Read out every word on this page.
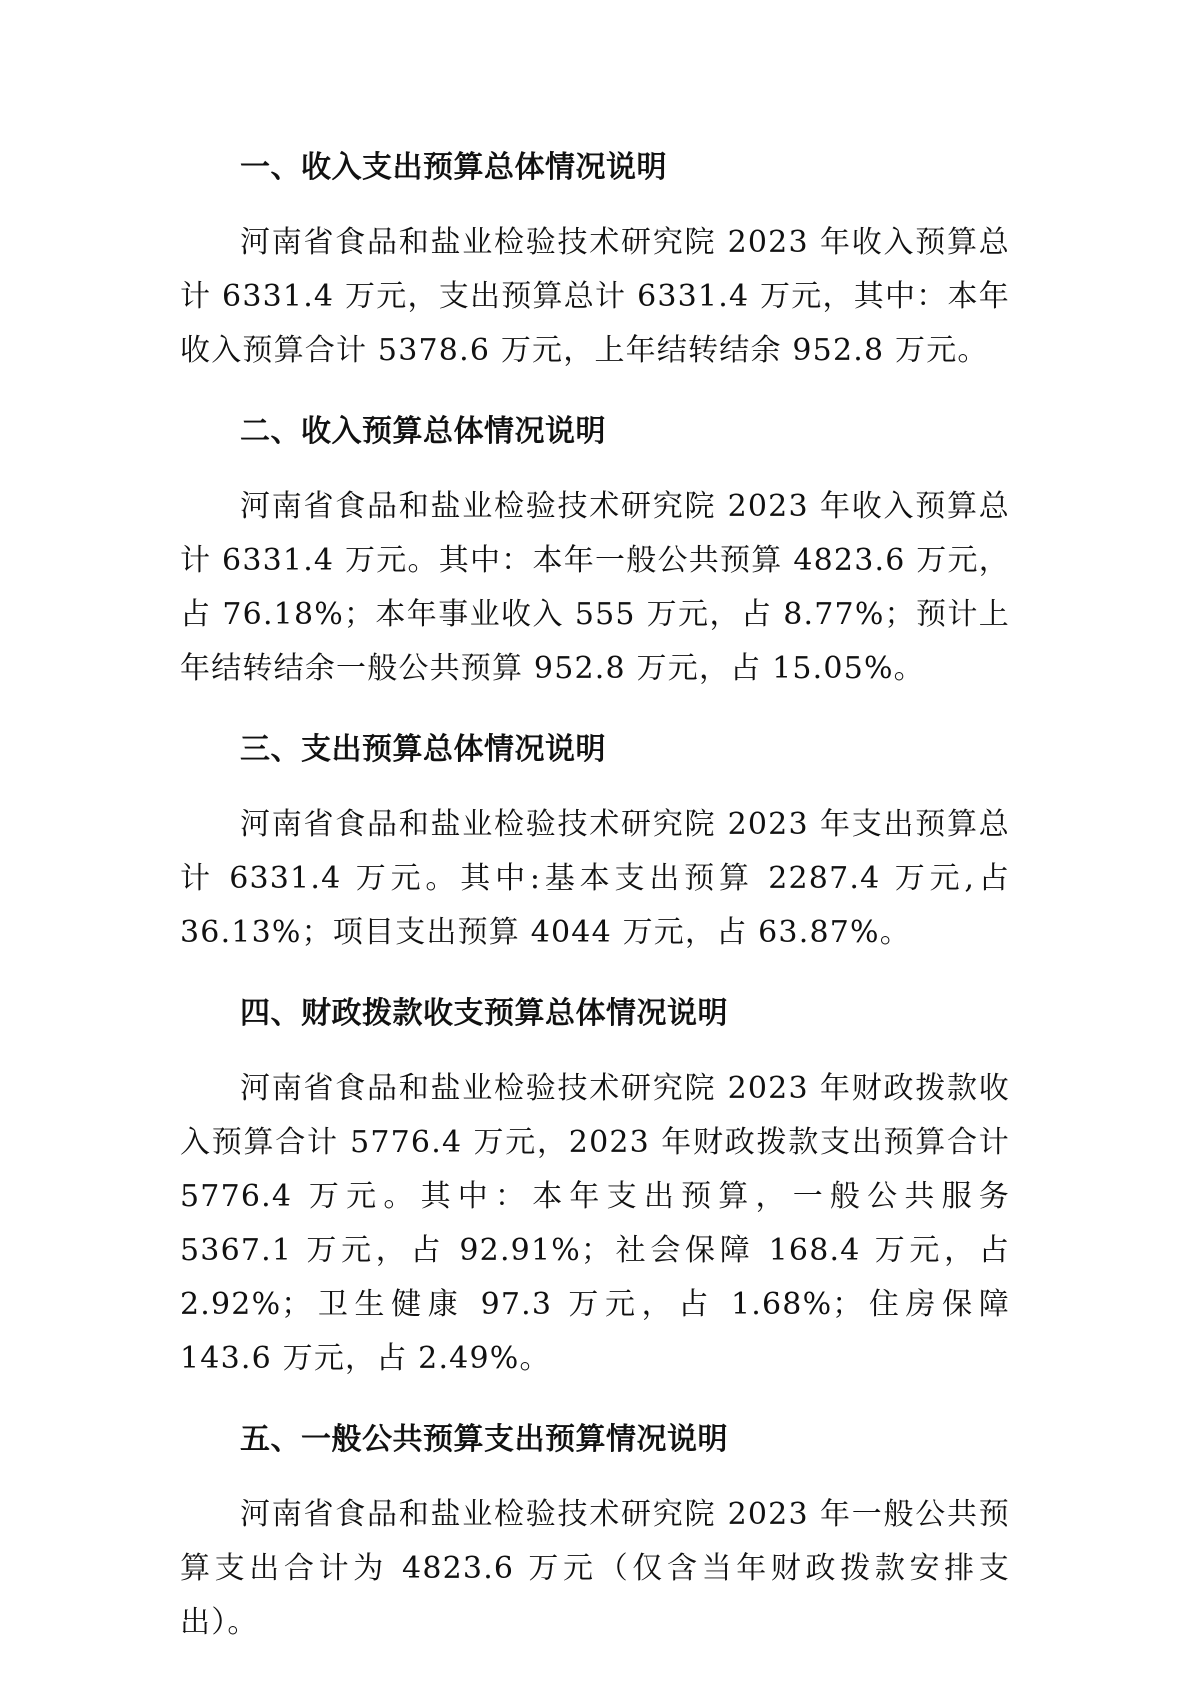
一、收入支出预算总体情况说明

河南省食品和盐业检验技术研究院 2023 年收入预算总计 6331.4 万元，支出预算总计 6331.4 万元，其中：本年收入预算合计 5378.6 万元，上年结转结余 952.8 万元。

二、收入预算总体情况说明

河南省食品和盐业检验技术研究院 2023 年收入预算总计 6331.4 万元。其中：本年一般公共预算 4823.6 万元，占 76.18%；本年事业收入 555 万元，占 8.77%；预计上年结转结余一般公共预算 952.8 万元，占 15.05%。

三、支出预算总体情况说明

河南省食品和盐业检验技术研究院 2023 年支出预算总计 6331.4 万元。其中:基本支出预算 2287.4 万元,占 36.13%；项目支出预算 4044 万元，占 63.87%。

四、财政拨款收支预算总体情况说明

河南省食品和盐业检验技术研究院 2023 年财政拨款收入预算合计 5776.4 万元，2023 年财政拨款支出预算合计 5776.4 万元。其中：本年支出预算，一般公共服务 5367.1 万元，占 92.91%；社会保障 168.4 万元，占 2.92%；卫生健康 97.3 万元，占 1.68%；住房保障 143.6 万元，占 2.49%。

五、一般公共预算支出预算情况说明

河南省食品和盐业检验技术研究院 2023 年一般公共预算支出合计为 4823.6 万元（仅含当年财政拨款安排支出）。
